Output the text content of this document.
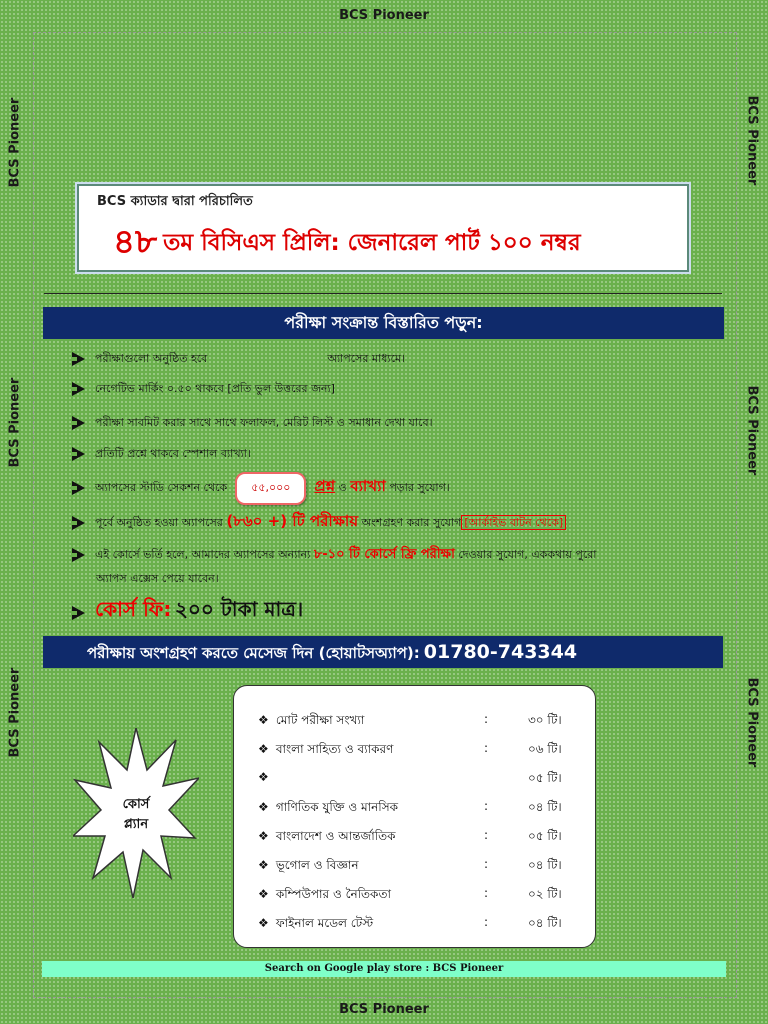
BCS Pioneer
BCS Pioneer
BCS Pioneer
BCS Pioneer
BCS Pioneer
BCS Pioneer
BCS Pioneer
BCS Pioneer
BCS ক্যাডার দ্বারা পরিচালিত
৪৮ তম বিসিএস প্রিলি: জেনারেল পার্ট ১০০ নম্বর
পরীক্ষা সংক্রান্ত বিস্তারিত পড়ুন:
পরীক্ষাগুলো অনুষ্ঠিত হবে	অ্যাপসের মাধ্যমে।
নেগেটিভ মার্কিং ০.৫০ থাকবে [প্রতি ভুল উত্তরের জন্য]
পরীক্ষা সাবমিট করার সাথে সাথে ফলাফল, মেরিট লিস্ট ও সমাধান দেখা যাবে।
প্রতিটি প্রশ্নে থাকবে স্পেশাল ব্যাখ্যা।
অ্যাপসের স্টাডি সেকশন থেকে ৫৫,০০০ প্রশ্ন ও ব্যাখ্যা পড়ার সুযোগ।
পূর্বে অনুষ্ঠিত হওয়া অ্যাপসের (৮৬০ +) টি পরীক্ষায় অংশগ্রহণ করার সুযোগ [আর্কাইভ বাটন থেকে]
এই কোর্সে ভর্তি হলে, আমাদের অ্যাপসের অন্যান্য ৮-১০ টি কোর্সে ফ্রি পরীক্ষা দেওয়ার সুযোগ, এককথায় পুরো
অ্যাপস এক্সেস পেয়ে যাবেন।
কোর্স ফি: ২০০ টাকা মাত্র।
পরীক্ষায় অংশগ্রহণ করতে মেসেজ দিন (হোয়াটসঅ্যাপ): 01780-743344
কোর্স
প্ল্যান
❖ মোট পরীক্ষা সংখ্যা	:	৩০ টি।
❖ বাংলা সাহিত্য ও ব্যাকরণ	:	০৬ টি।
❖	০৫ টি।
❖ গাণিতিক যুক্তি ও মানসিক	:	০৪ টি।
❖ বাংলাদেশ ও আন্তর্জাতিক	:	০৫ টি।
❖ ভূগোল ও বিজ্ঞান	:	০৪ টি।
❖ কম্পিউপার ও নৈতিকতা	:	০২ টি।
❖ ফাইনাল মডেল টেস্ট	:	০৪ টি।
Search on Google play store : BCS Pioneer
